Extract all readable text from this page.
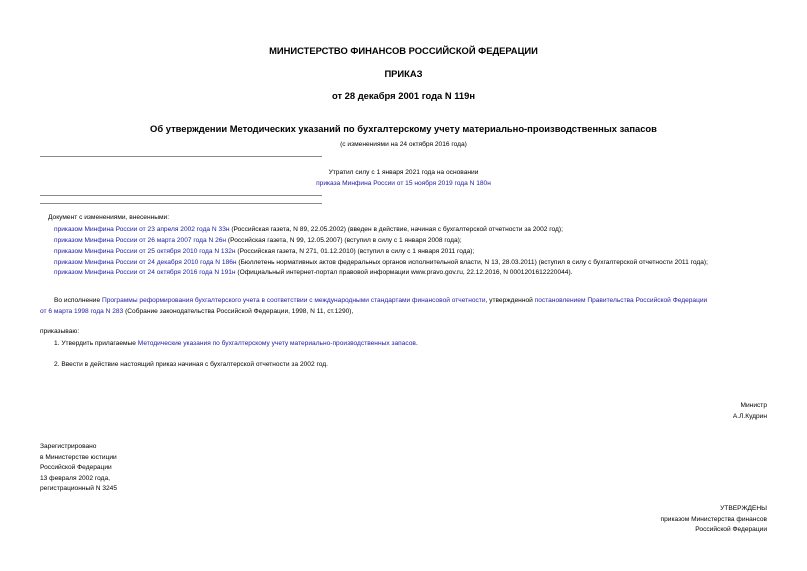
МИНИСТЕРСТВО ФИНАНСОВ РОССИЙСКОЙ ФЕДЕРАЦИИ
ПРИКАЗ
от 28 декабря 2001 года N 119н
Об утверждении Методических указаний по бухгалтерскому учету материально-производственных запасов
(с изменениями на 24 октября 2016 года)
Утратил силу с 1 января 2021 года на основании
приказа Минфина России от 15 ноября 2019 года N 180н
Документ с изменениями, внесенными:
приказом Минфина России от 23 апреля 2002 года N 33н (Российская газета, N 89, 22.05.2002) (введен в действие, начиная с бухгалтерской отчетности за 2002 год);
приказом Минфина России от 26 марта 2007 года N 26н (Российская газета, N 99, 12.05.2007) (вступил в силу с 1 января 2008 года);
приказом Минфина России от 25 октября 2010 года N 132н (Российская газета, N 271, 01.12.2010) (вступил в силу с 1 января 2011 года);
приказом Минфина России от 24 декабря 2010 года N 186н (Бюллетень нормативных актов федеральных органов исполнительной власти, N 13, 28.03.2011) (вступил в силу с бухгалтерской отчетности 2011 года);
приказом Минфина России от 24 октября 2016 года N 191н (Официальный интернет-портал правовой информации www.pravo.gov.ru, 22.12.2016, N 0001201612220044).
Во исполнение Программы реформирования бухгалтерского учета в соответствии с международными стандартами финансовой отчетности, утвержденной постановлением Правительства Российской Федерации
от 6 марта 1998 года N 283 (Собрание законодательства Российской Федерации, 1998, N 11, ст.1290),
приказываю:
1. Утвердить прилагаемые Методические указания по бухгалтерскому учету материально-производственных запасов.
2. Ввести в действие настоящий приказ начиная с бухгалтерской отчетности за 2002 год.
Министр
А.Л.Кудрин
Зарегистрировано
в Министерстве юстиции
Российской Федерации
13 февраля 2002 года,
регистрационный N 3245
УТВЕРЖДЕНЫ
приказом Министерства финансов
Российской Федерации
